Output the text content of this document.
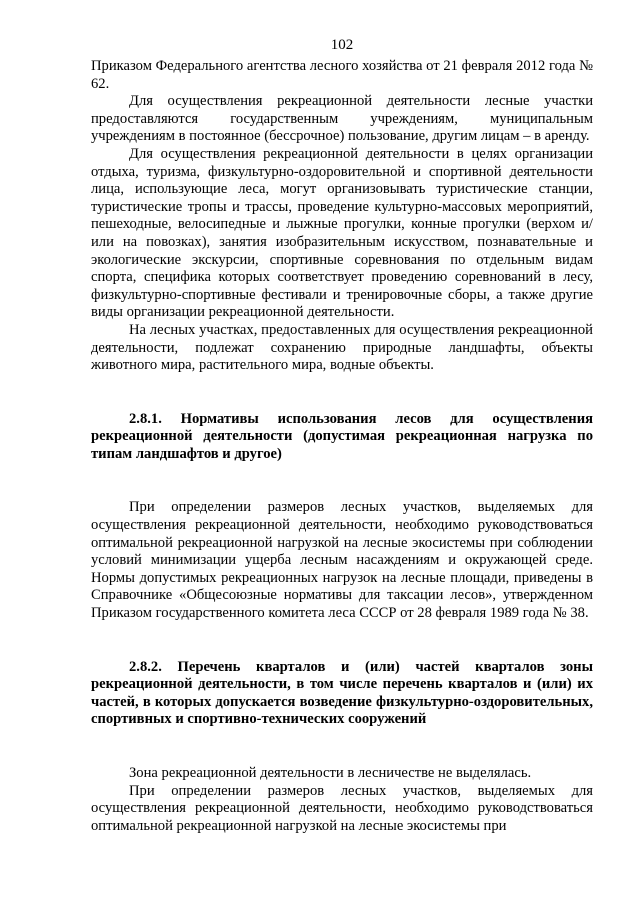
102

Приказом Федерального агентства лесного хозяйства от 21 февраля 2012 года № 62.

Для осуществления рекреационной деятельности лесные участки предоставляются государственным учреждениям, муниципальным учреждениям в постоянное (бессрочное) пользование, другим лицам – в аренду.

Для осуществления рекреационной деятельности в целях организации отдыха, туризма, физкультурно-оздоровительной и спортивной деятельности лица, использующие леса, могут организовывать туристические станции, туристические тропы и трассы, проведение культурно-массовых мероприятий, пешеходные, велосипедные и лыжные прогулки, конные прогулки (верхом и/или на повозках), занятия изобразительным искусством, познавательные и экологические экскурсии, спортивные соревнования по отдельным видам спорта, специфика которых соответствует проведению соревнований в лесу, физкультурно-спортивные фестивали и тренировочные сборы, а также другие виды организации рекреационной деятельности.

На лесных участках, предоставленных для осуществления рекреационной деятельности, подлежат сохранению природные ландшафты, объекты животного мира, растительного мира, водные объекты.

2.8.1. Нормативы использования лесов для осуществления рекреационной деятельности (допустимая рекреационная нагрузка по типам ландшафтов и другое)

При определении размеров лесных участков, выделяемых для осуществления рекреационной деятельности, необходимо руководствоваться оптимальной рекреационной нагрузкой на лесные экосистемы при соблюдении условий минимизации ущерба лесным насаждениям и окружающей среде. Нормы допустимых рекреационных нагрузок на лесные площади, приведены в Справочнике «Общесоюзные нормативы для таксации лесов», утвержденном Приказом государственного комитета леса СССР от 28 февраля 1989 года № 38.

2.8.2. Перечень кварталов и (или) частей кварталов зоны рекреационной деятельности, в том числе перечень кварталов и (или) их частей, в которых допускается возведение физкультурно-оздоровительных, спортивных и спортивно-технических сооружений

Зона рекреационной деятельности в лесничестве не выделялась.

При определении размеров лесных участков, выделяемых для осуществления рекреационной деятельности, необходимо руководствоваться оптимальной рекреационной нагрузкой на лесные экосистемы при
